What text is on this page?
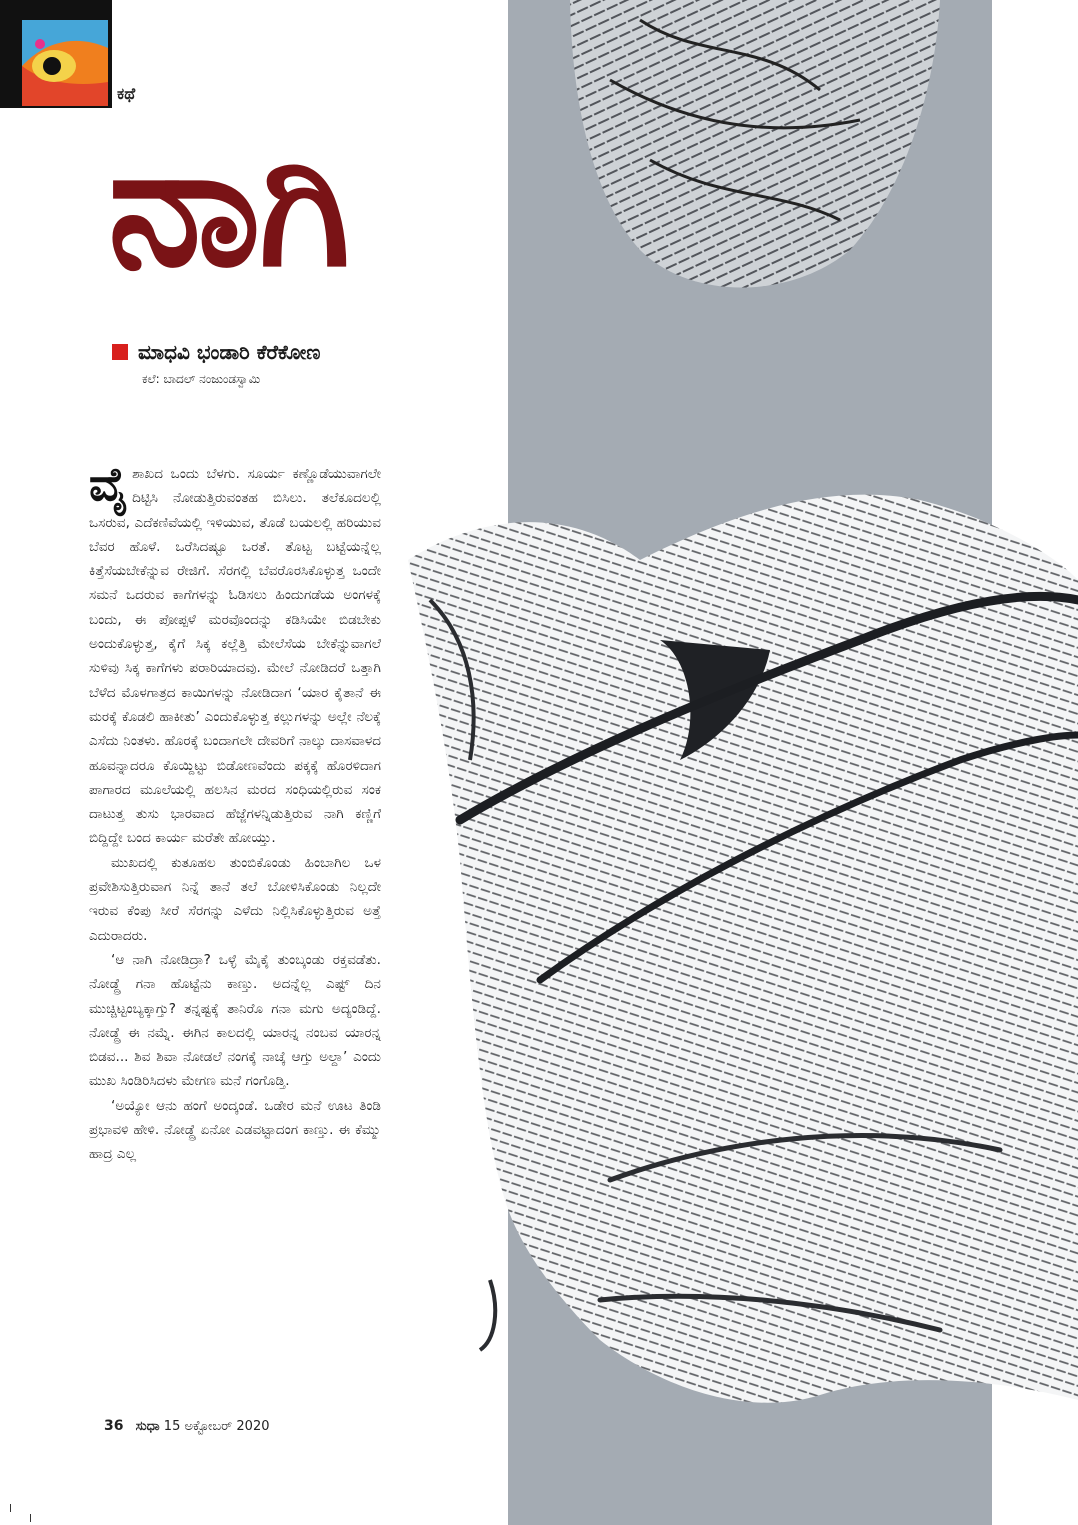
ಕಥೆ
ನಾಗಿ
ಮಾಧವಿ ಭಂಡಾರಿ ಕೆರೆಕೋಣ
ಕಲೆ: ಬಾದಲ್ ನಂಜುಂಡಸ್ವಾಮಿ

ವೈಶಾಖದ ಒಂದು ಬೆಳಗು. ಸೂರ್ಯ ಕಣ್ಣೊಡೆಯುವಾಗಲೇ ದಿಟ್ಟಿಸಿ ನೋಡುತ್ತಿರುವಂತಹ ಬಿಸಿಲು. ತಲೆಕೂದಲಲ್ಲಿ ಒಸರುವ, ಎದೆಕಣಿವೆಯಲ್ಲಿ ಇಳಿಯುವ, ತೊಡೆ ಬಯಲಲ್ಲಿ ಹರಿಯುವ ಬೆವರ ಹೊಳೆ. ಒರೆಸಿದಷ್ಟೂ ಒರತೆ. ತೊಟ್ಟ ಬಟ್ಟೆಯನ್ನೆಲ್ಲ ಕಿತ್ತೆಸೆಯಬೇಕೆನ್ನುವ ರೇಜಿಗೆ. ಸೆರಗಲ್ಲಿ ಬೆವರೊರಸಿಕೊಳ್ಳುತ್ತ ಒಂದೇ ಸಮನೆ ಒದರುವ ಕಾಗೆಗಳನ್ನು ಓಡಿಸಲು ಹಿಂದುಗಡೆಯ ಅಂಗಳಕ್ಕೆ ಬಂದು, ಈ ಪೋಪ್ಪಳೆ ಮರವೊಂದನ್ನು ಕಡಿಸಿಯೇ ಬಿಡಬೇಕು ಅಂದುಕೊಳ್ಳುತ್ತ, ಕೈಗೆ ಸಿಕ್ಕ ಕಲ್ಲೆತ್ತಿ ಮೇಲೆಸೆಯ ಬೇಕೆನ್ನುವಾಗಲೆ ಸುಳಿವು ಸಿಕ್ಕ ಕಾಗೆಗಳು ಪರಾರಿಯಾದವು. ಮೇಲೆ ನೋಡಿದರೆ ಒತ್ತಾಗಿ ಬೆಳೆದ ಮೊಳಗಾತ್ರದ ಕಾಯಿಗಳನ್ನು ನೋಡಿದಾಗ ‘ಯಾರ ಕೈತಾನೆ ಈ ಮರಕ್ಕೆ ಕೊಡಲಿ ಹಾಕೀತು’ ಎಂದುಕೊಳ್ಳುತ್ತ ಕಲ್ಲುಗಳನ್ನು ಅಲ್ಲೇ ನೆಲಕ್ಕೆ ಎಸೆದು ನಿಂತಳು. ಹೊರಕ್ಕೆ ಬಂದಾಗಲೇ ದೇವರಿಗೆ ನಾಲ್ಕು ದಾಸವಾಳದ ಹೂವನ್ನಾದರೂ ಕೊಯ್ದಿಟ್ಟು ಬಿಡೋಣವೆಂದು ಪಕ್ಕಕ್ಕೆ ಹೊರಳಿದಾಗ ಪಾಗಾರದ ಮೂಲೆಯಲ್ಲಿ ಹಲಸಿನ ಮರದ ಸಂಧಿಯಲ್ಲಿರುವ ಸಂಕ ದಾಟುತ್ತ ತುಸು ಭಾರವಾದ ಹೆಜ್ಜೆಗಳನ್ನಿಡುತ್ತಿರುವ ನಾಗಿ ಕಣ್ಣಿಗೆ ಬಿದ್ದಿದ್ದೇ ಬಂದ ಕಾರ್ಯ ಮರೆತೇ ಹೋಯ್ತು.

ಮುಖದಲ್ಲಿ ಕುತೂಹಲ ತುಂಬಿಕೊಂಡು ಹಿಂಬಾಗಿಲ ಒಳ ಪ್ರವೇಶಿಸುತ್ತಿರುವಾಗ ನಿನ್ನೆ ತಾನೆ ತಲೆ ಬೋಳಿಸಿಕೊಂಡು ನಿಲ್ಲದೇ ಇರುವ ಕೆಂಪು ಸೀರೆ ಸೆರಗನ್ನು ಎಳೆದು ನಿಲ್ಲಿಸಿಕೊಳ್ಳುತ್ತಿರುವ ಅತ್ತೆ ಎದುರಾದರು.

‘ಆ ನಾಗಿ ನೋಡಿದ್ರಾ? ಒಳ್ಳೆ ಮೈಕೈ ತುಂಬ್ಕಂಡು ರಕ್ತವಡೆತು. ನೋಡ್ದ್ರೆ ಗನಾ ಹೊಟ್ಟೆನು ಕಾಣ್ತು. ಅದನ್ನೆಲ್ಲ ಎಷ್ಟ್ ದಿನ ಮುಚ್ಚಿಟ್ಟಂಬ್ಯಕ್ಕಾಗ್ತು? ತನ್ನಷ್ಟಕ್ಕೆ ತಾನಿರೊ ಗನಾ ಮಗು ಅದ್ಯಂಡಿದ್ದೆ. ನೋಡ್ದ್ರೆ ಈ ನಮ್ನೆ. ಈಗಿನ ಕಾಲದಲ್ಲಿ ಯಾರನ್ನ ನಂಬವ ಯಾರನ್ನ ಬಿಡವ... ಶಿವ ಶಿವಾ ನೋಡಲೆ ನಂಗಕ್ಕೆ ನಾಚ್ಕೆ ಆಗ್ತು ಅಲ್ದಾ’ ಎಂದು ಮುಖ ಸಿಂಡಿರಿಸಿದಳು ಮೇಗಣ ಮನೆ ಗಂಗೊಡ್ತಿ.

‘ಅಯ್ಯೋ ಆನು ಹಂಗೆ ಅಂದ್ಕಂಡೆ. ಒಡೇರ ಮನೆ ಊಟ ತಿಂಡಿ ಪ್ರಭಾವಳಿ ಹೇಳಿ. ನೋಡ್ದ್ರೆ ಏನೋ ಎಡವಟ್ಟಾದಂಗ ಕಾಣ್ತು. ಈ ಕೆಮ್ಮು ಹಾದ್ರ ಎಲ್ಲ

36 ಸುಧಾ 15 ಅಕ್ಟೋಬರ್ 2020
